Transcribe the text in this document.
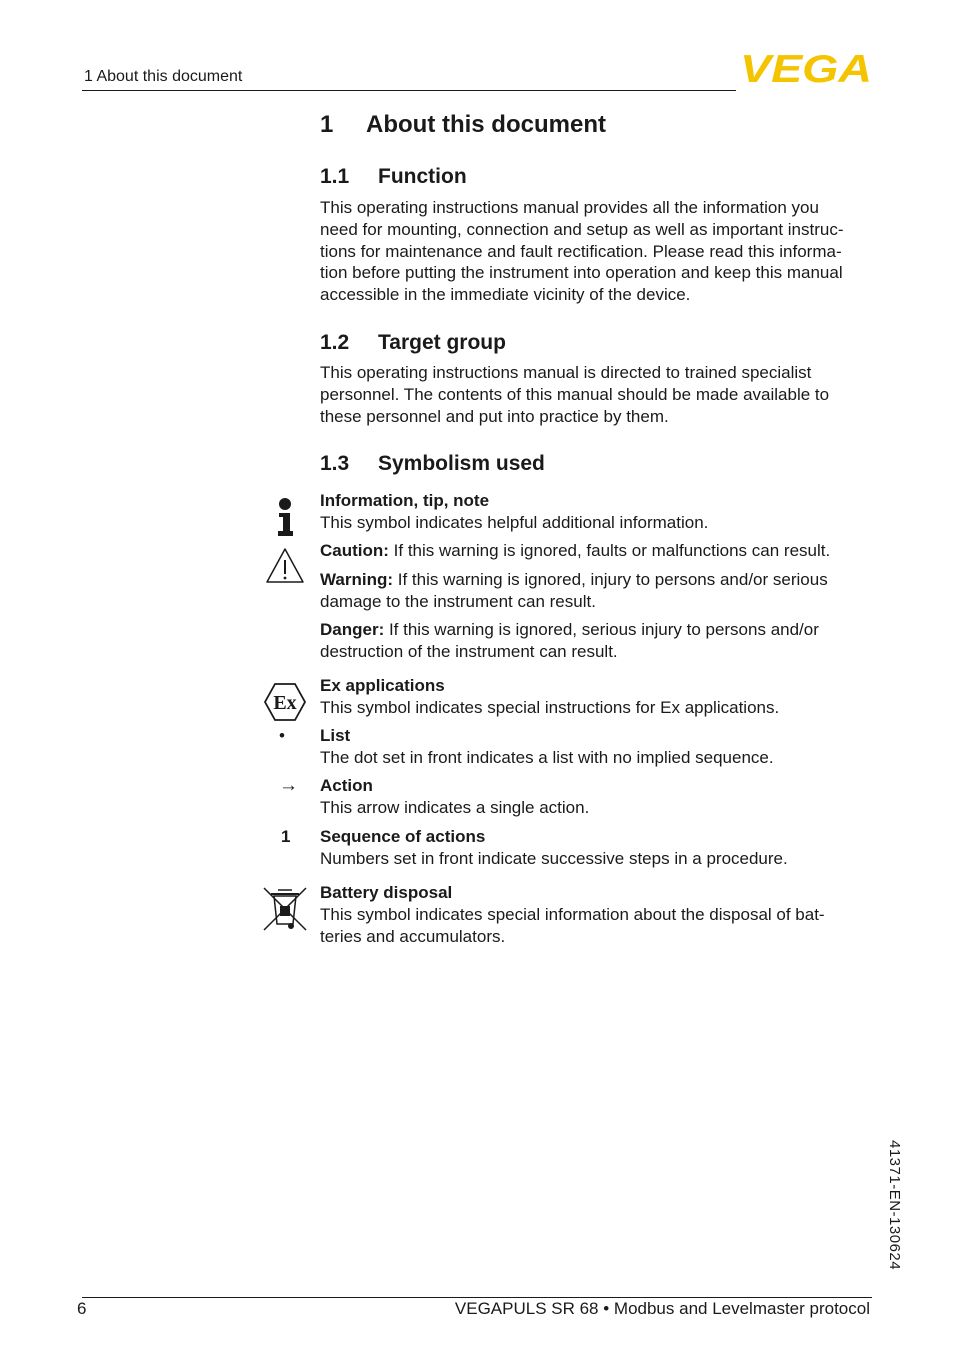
1 About this document	VEGA
1 About this document
1.1 Function
This operating instructions manual provides all the information you
need for mounting, connection and setup as well as important instruc-
tions for maintenance and fault rectification. Please read this informa-
tion before putting the instrument into operation and keep this manual
accessible in the immediate vicinity of the device.
1.2 Target group
This operating instructions manual is directed to trained specialist
personnel. The contents of this manual should be made available to
these personnel and put into practice by them.
1.3 Symbolism used
Information, tip, note
This symbol indicates helpful additional information.
Caution: If this warning is ignored, faults or malfunctions can result.
Warning: If this warning is ignored, injury to persons and/or serious
damage to the instrument can result.
Danger: If this warning is ignored, serious injury to persons and/or
destruction of the instrument can result.
Ex
Ex applications
This symbol indicates special instructions for Ex applications.
• List
The dot set in front indicates a list with no implied sequence.
→ Action
This arrow indicates a single action.
1 Sequence of actions
Numbers set in front indicate successive steps in a procedure.
Battery disposal
This symbol indicates special information about the disposal of bat-
teries and accumulators.
41371-EN-130624
6	VEGAPULS SR 68 • Modbus and Levelmaster protocol
